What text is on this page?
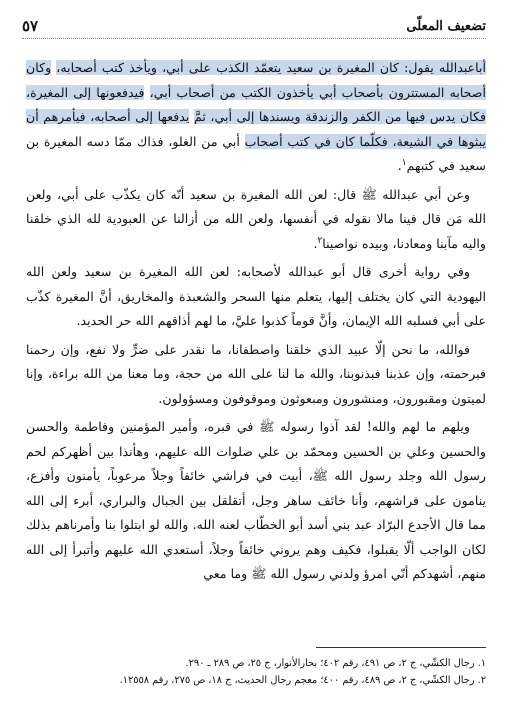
تضعيف المعلّى
٥٧

أباعبدالله يقول: كان المغيرة بن سعيد يتعمّد الكذب على أبي، ويأخذ كتب أصحابه، وكان أصحابه المستترون بأصحاب أبي يأخذون الكتب من أصحاب أبي، فيدفعونها إلى المغيرة، فكان يدس فيها من الكفر والزندقة ويسندها إلى أبي، ثمَّ يدفعها إلى أصحابه، فيأمرهم أن يبثوها في الشيعة، فكلّما كان في كتب أصحاب أبي من الغلو، فذاك ممّا دسه المغيرة بن سعيد في كتبهم$^١$.

وعن أبي عبدالله ﷺ قال: لعن الله المغيرة بن سعيد أنّه كان يكذّب على أبي، ولعن الله مَن قال فينا مالا نقوله في أنفسها، ولعن الله من أزالنا عن العبودية لله الذي خلقنا واليه مآبنا ومعادنا، وبيده نواصينا$^٢$.

وفي رواية أخرى قال أبو عبدالله لأصحابه: لعن الله المغيرة بن سعيد ولعن الله اليهودية التي كان يختلف إليها، يتعلم منها السحر والشعبذة والمخاريق، أنَّ المغيرة كذّب على أبي فسلبه الله الإيمان، وأنَّ قوماً كذبوا عليَّ، ما لهم أذاقهم الله حر الحديد.

فوالله، ما نحن إلّا عبيد الذي خلقنا واصطفانا، ما نقدر على ضرٍّ ولا نفع، وإن رحمنا فبرحمته، وإن عذبنا فبذنوبنا، والله ما لنا على الله من حجة، وما معنا من الله براءة، وإنا لميتون ومقبورون، ومنشورون ومبعوثون وموقوفون ومسؤولون.

ويلهم ما لهم والله! لقد آذوا رسوله ﷺ في قبره، وأمير المؤمنين وفاطمة والحسن والحسين وعلي بن الحسين ومحمّد بن علي صلوات الله عليهم، وهأنذا بين أظهركم لحم رسول الله وجلد رسول الله ﷺ، أبيت في فراشي خائفاً وجلاً مرعوباً، يأمنون وأفزع، ينامون على فراشهم، وأنا خائف ساهر وجل، أتقلقل بين الجبال والبراري، أبرء إلى الله مما قال الأجدع البرّاد عبد بني أسد أبو الخطّاب لعنه الله. والله لو ابتلوا بنا وأمرناهم بذلك لكان الواجب ألّا يقبلوا، فكيف وهم يروني خائفاً وجلاً، أستعدي الله عليهم وأتبرأ إلى الله منهم، أشهدكم أنّي امرؤ ولدني رسول الله ﷺ وما معي

١. رجال الكشّي، ج ٢، ص ٤٩١، رقم ٤٠٢؛ بحارالأنوار، ج ٢٥، ص ٢٨٩ ـ ٢٩٠.
٢. رجال الكشّي، ج ٢، ص ٤٨٩، رقم ٤٠٠؛ معجم رجال الحديث، ج ١٨، ص ٢٧٥، رقم ١٢٥٥٨.
